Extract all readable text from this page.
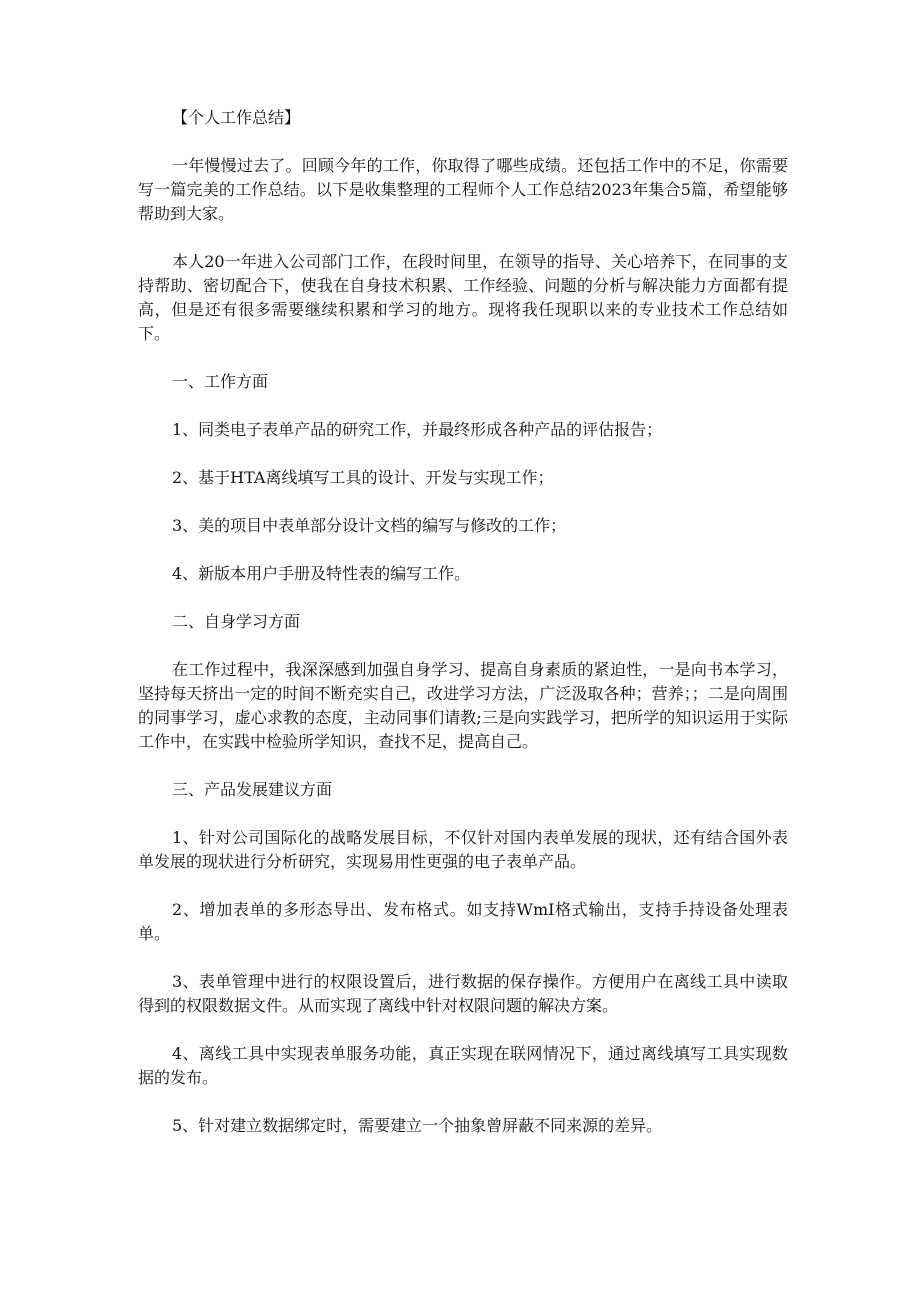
【个人工作总结】

一年慢慢过去了。回顾今年的工作，你取得了哪些成绩。还包括工作中的不足，你需要写一篇完美的工作总结。以下是收集整理的工程师个人工作总结2023年集合5篇，希望能够帮助到大家。

本人20一年进入公司部门工作，在段时间里，在领导的指导、关心培养下，在同事的支持帮助、密切配合下，使我在自身技术积累、工作经验、问题的分析与解决能力方面都有提高，但是还有很多需要继续积累和学习的地方。现将我任现职以来的专业技术工作总结如下。

一、工作方面

1、同类电子表单产品的研究工作，并最终形成各种产品的评估报告；

2、基于HTA离线填写工具的设计、开发与实现工作；

3、美的项目中表单部分设计文档的编写与修改的工作；

4、新版本用户手册及特性表的编写工作。

二、自身学习方面

在工作过程中，我深深感到加强自身学习、提高自身素质的紧迫性，一是向书本学习，坚持每天挤出一定的时间不断充实自己，改进学习方法，广泛汲取各种；营养；；二是向周围的同事学习，虚心求教的态度，主动同事们请教;三是向实践学习，把所学的知识运用于实际工作中，在实践中检验所学知识，查找不足，提高自己。

三、产品发展建议方面

1、针对公司国际化的战略发展目标，不仅针对国内表单发展的现状，还有结合国外表单发展的现状进行分析研究，实现易用性更强的电子表单产品。

2、增加表单的多形态导出、发布格式。如支持WmI格式输出，支持手持设备处理表单。

3、表单管理中进行的权限设置后，进行数据的保存操作。方便用户在离线工具中读取得到的权限数据文件。从而实现了离线中针对权限问题的解决方案。

4、离线工具中实现表单服务功能，真正实现在联网情况下，通过离线填写工具实现数据的发布。

5、针对建立数据绑定时，需要建立一个抽象曾屏蔽不同来源的差异。
